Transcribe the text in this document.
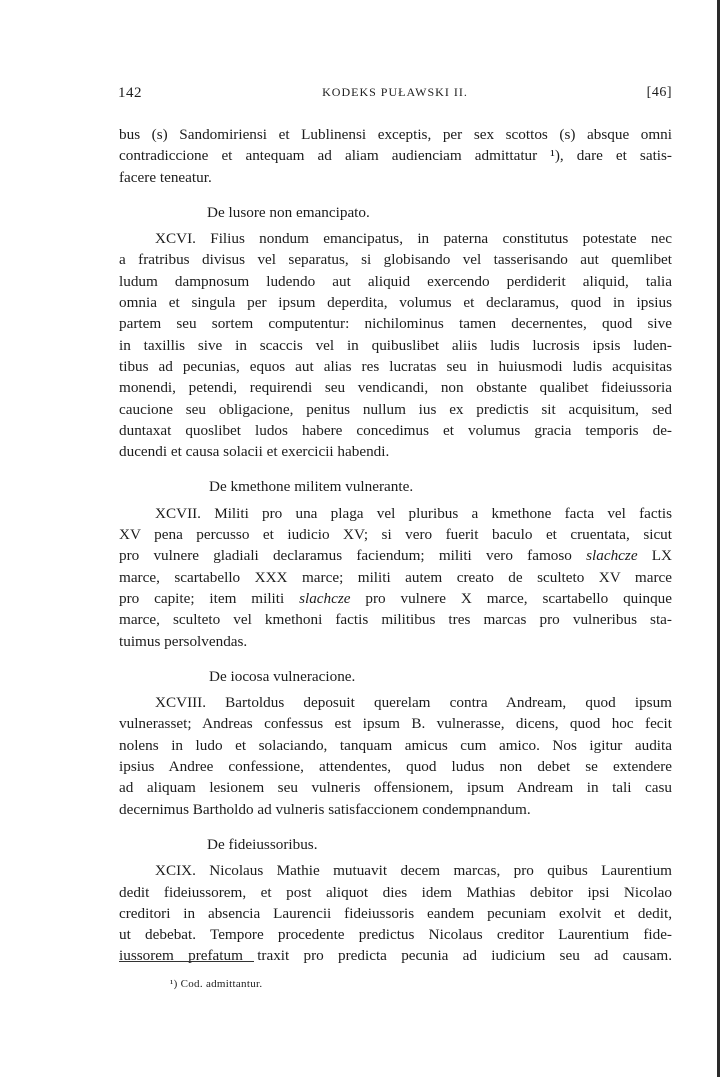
142	KODEKS PUŁAWSKI II.	[46]
bus (s) Sandomiriensi et Lublinensi exceptis, per sex scottos (s) absque omni
contradiccione et antequam ad aliam audienciam admittatur ¹), dare et satis-
facere teneatur.
De lusore non emancipato.
XCVI. Filius nondum emancipatus, in paterna constitutus potestate nec
a fratribus divisus vel separatus, si globisando vel tasserisando aut quemlibet
ludum dampnosum ludendo aut aliquid exercendo perdiderit aliquid, talia
omnia et singula per ipsum deperdita, volumus et declaramus, quod in ipsius
partem seu sortem computentur: nichilominus tamen decernentes, quod sive
in taxillis sive in scaccis vel in quibuslibet aliis ludis lucrosis ipsis luden-
tibus ad pecunias, equos aut alias res lucratas seu in huiusmodi ludis acquisitas
monendi, petendi, requirendi seu vendicandi, non obstante qualibet fideiussoria
caucione seu obligacione, penitus nullum ius ex predictis sit acquisitum, sed
duntaxat quoslibet ludos habere concedimus et volumus gracia temporis de-
ducendi et causa solacii et exercicii habendi.
De kmethone militem vulnerante.
XCVII. Militi pro una plaga vel pluribus a kmethone facta vel factis
XV pena percusso et iudicio XV; si vero fuerit baculo et cruentata, sicut
pro vulnere gladiali declaramus faciendum; militi vero famoso slachcze LX
marce, scartabello XXX marce; militi autem creato de sculteto XV marce
pro capite; item militi slachcze pro vulnere X marce, scartabello quinque
marce, sculteto vel kmethoni factis militibus tres marcas pro vulneribus sta-
tuimus persolvendas.
De iocosa vulneracione.
XCVIII. Bartoldus deposuit querelam contra Andream, quod ipsum
vulnerasset; Andreas confessus est ipsum B. vulnerasse, dicens, quod hoc fecit
nolens in ludo et solaciando, tanquam amicus cum amico. Nos igitur audita
ipsius Andree confessione, attendentes, quod ludus non debet se extendere
ad aliquam lesionem seu vulneris offensionem, ipsum Andream in tali casu
decernimus Bartholdo ad vulneris satisfaccionem condempnandum.
De fideiussoribus.
XCIX. Nicolaus Mathie mutuavit decem marcas, pro quibus Laurentium
dedit fideiussorem, et post aliquot dies idem Mathias debitor ipsi Nicolao
creditori in absencia Laurencii fideiussoris eandem pecuniam exolvit et dedit,
ut debebat. Tempore procedente predictus Nicolaus creditor Laurentium fide-
iussorem prefatum traxit pro predicta pecunia ad iudicium seu ad causam.
¹) Cod. admittantur.
